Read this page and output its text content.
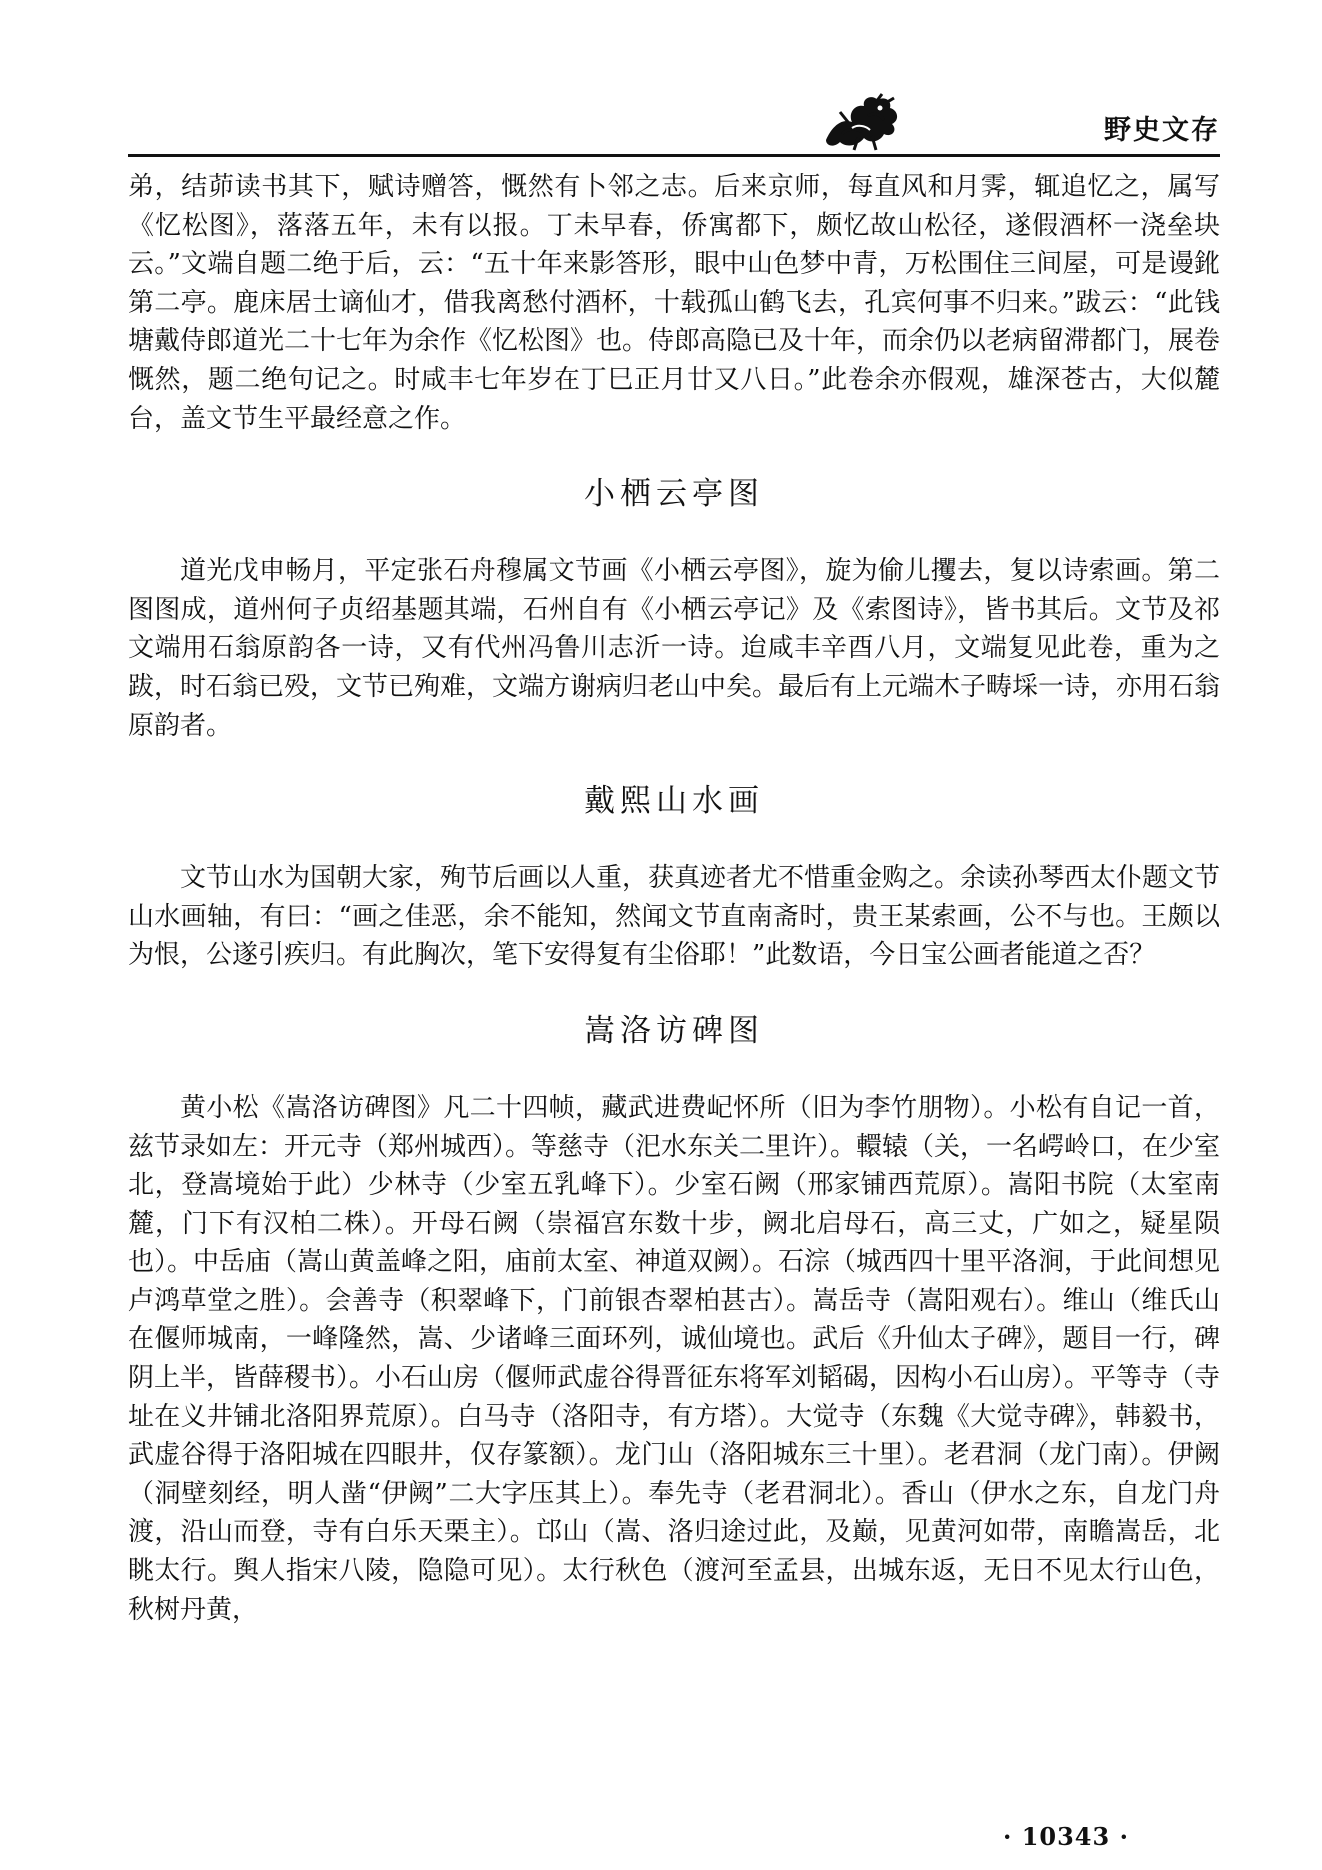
野史文存

弟，结茆读书其下，赋诗赠答，慨然有卜邻之志。后来京师，每直风和月霁，辄追忆之，属写《忆松图》，落落五年，未有以报。丁未早春，侨寓都下，颇忆故山松径，遂假酒杯一浇垒块云。”文端自题二绝于后，云：“五十年来影答形，眼中山色梦中青，万松围住三间屋，可是谩鈋第二亭。鹿床居士谪仙才，借我离愁付酒杯，十载孤山鹤飞去，孔宾何事不归来。”跋云：“此钱塘戴侍郎道光二十七年为余作《忆松图》也。侍郎高隐已及十年，而余仍以老病留滞都门，展卷慨然，题二绝句记之。时咸丰七年岁在丁巳正月廿又八日。”此卷余亦假观，雄深苍古，大似麓台，盖文节生平最经意之作。

小栖云亭图

道光戊申畅月，平定张石舟穆属文节画《小栖云亭图》，旋为偷儿攫去，复以诗索画。第二图图成，道州何子贞绍基题其端，石州自有《小栖云亭记》及《索图诗》，皆书其后。文节及祁文端用石翁原韵各一诗，又有代州冯鲁川志沂一诗。迨咸丰辛酉八月，文端复见此卷，重为之跋，时石翁已殁，文节已殉难，文端方谢病归老山中矣。最后有上元端木子畴埰一诗，亦用石翁原韵者。

戴熙山水画

文节山水为国朝大家，殉节后画以人重，获真迹者尤不惜重金购之。余读孙琴西太仆题文节山水画轴，有曰：“画之佳恶，余不能知，然闻文节直南斋时，贵王某索画，公不与也。王颇以为恨，公遂引疾归。有此胸次，笔下安得复有尘俗耶！”此数语，今日宝公画者能道之否？

嵩洛访碑图

黄小松《嵩洛访碑图》凡二十四帧，藏武进费屺怀所（旧为李竹朋物）。小松有自记一首，兹节录如左：开元寺（郑州城西）。等慈寺（汜水东关二里许）。轘辕（关，一名崿岭口，在少室北，登嵩境始于此）少林寺（少室五乳峰下）。少室石阙（邢家铺西荒原）。嵩阳书院（太室南麓，门下有汉柏二株）。开母石阙（崇福宫东数十步，阙北启母石，高三丈，广如之，疑星陨也）。中岳庙（嵩山黄盖峰之阳，庙前太室、神道双阙）。石淙（城西四十里平洛涧，于此间想见卢鸿草堂之胜）。会善寺（积翠峰下，门前银杏翠柏甚古）。嵩岳寺（嵩阳观右）。维山（维氏山在偃师城南，一峰隆然，嵩、少诸峰三面环列，诚仙境也。武后《升仙太子碑》，题目一行，碑阴上半，皆薛稷书）。小石山房（偃师武虚谷得晋征东将军刘韬碣，因构小石山房）。平等寺（寺址在义井铺北洛阳界荒原）。白马寺（洛阳寺，有方塔）。大觉寺（东魏《大觉寺碑》，韩毅书，武虚谷得于洛阳城在四眼井，仅存篆额）。龙门山（洛阳城东三十里）。老君洞（龙门南）。伊阙（洞壁刻经，明人凿“伊阙”二大字压其上）。奉先寺（老君洞北）。香山（伊水之东，自龙门舟渡，沿山而登，寺有白乐天栗主）。邙山（嵩、洛归途过此，及巅，见黄河如带，南瞻嵩岳，北眺太行。舆人指宋八陵，隐隐可见）。太行秋色（渡河至孟县，出城东返，无日不见太行山色，秋树丹黄，

· 10343 ·
